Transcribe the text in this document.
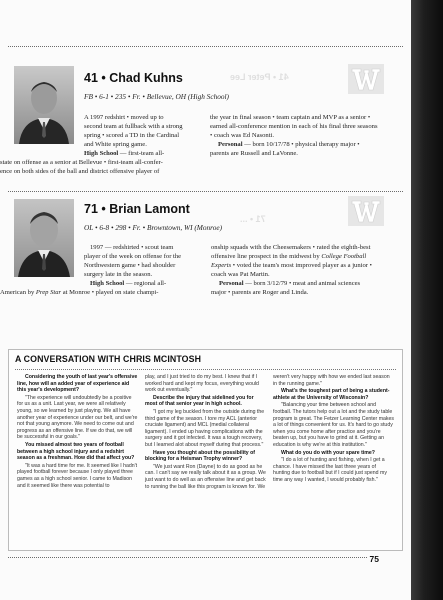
41 • Peter Lee
41 • Chad Kuhns
FB • 6-1 • 235 • Fr. • Bellevue, OH (High School)
A 1997 redshirt • moved up to
second team at fullback with a strong
spring • scored a TD in the Cardinal
and White spring game.
High School — first-team all-
state on offense as a senior at Bellevue • first-team all-confer-
ence on both sides of the ball and district offensive player of
the year in final season • team captain and MVP as a senior •
earned all-conference mention in each of his final three seasons
• coach was Ed Nasonti.
Personal — born 10/17/78 • physical therapy major •
parents are Russell and LaVonne.
71 • ...
71 • Brian Lamont
OL • 6-8 • 298 • Fr. • Browntown, WI (Monroe)
1997 — redshirted • scout team
player of the week on offense for the
Northwestern game • had shoulder
surgery late in the season.
High School — regional all-
American by Prep Star at Monroe • played on state champi-
onship squads with the Cheesemakers • rated the eighth-best
offensive line prospect in the midwest by College Football
Experts • voted the team's most improved player as a junior •
coach was Pat Martin.
Personal — born 3/12/79 • meat and animal sciences
major • parents are Roger and Linda.
A CONVERSATION WITH CHRIS MCINTOSH

Considering the youth of last year's offensive line, how will an added year of experience aid this year's development?

"The experience will undoubtedly be a positive for us as a unit. Last year, we were all relatively young, so we learned by just playing. We all have another year of experience under our belt, and we're not that young anymore. We need to come out and progress as an offensive line. If we do that, we will be successful in our goals."

You missed almost two years of football between a high school injury and a redshirt season as a freshman. How did that affect you?

"It was a hard time for me. It seemed like I hadn't played football forever because I only played three games as a high school senior. I came to Madison and it seemed like there was potential to

play, and I just tried to do my best. I knew that if I worked hard and kept my focus, everything would work out eventually."

Describe the injury that sidelined you for most of that senior year in high school.

"I got my leg buckled from the outside during the third game of the season. I tore my ACL (anterior cruciate ligament) and MCL (medial collateral ligament). I ended up having complications with the surgery and it got infected. It was a tough recovery, but I learned alot about myself during that process."

Have you thought about the possibility of blocking for a Heisman Trophy winner?

"We just want Ron (Dayne) to do as good as he can. I can't say we really talk about it as a group. We just want to do well as an offensive line and get back to running the ball like this program is known for. We

weren't very happy with how we ended last season in the running game."

What's the toughest part of being a student-athlete at the University of Wisconsin?

"Balancing your time between school and football. The tutors help out a lot and the study table program is great. The Fetzer Learning Center makes a lot of things convenient for us. It's hard to go study when you come home after practice and you're beaten up, but you have to grind at it. Getting an education is why we're at this institution."

What do you do with your spare time?

"I do a lot of hunting and fishing, when I get a chance. I have missed the last three years of hunting due to football but if I could just spend my time any way I wanted, I would probably fish."

75
